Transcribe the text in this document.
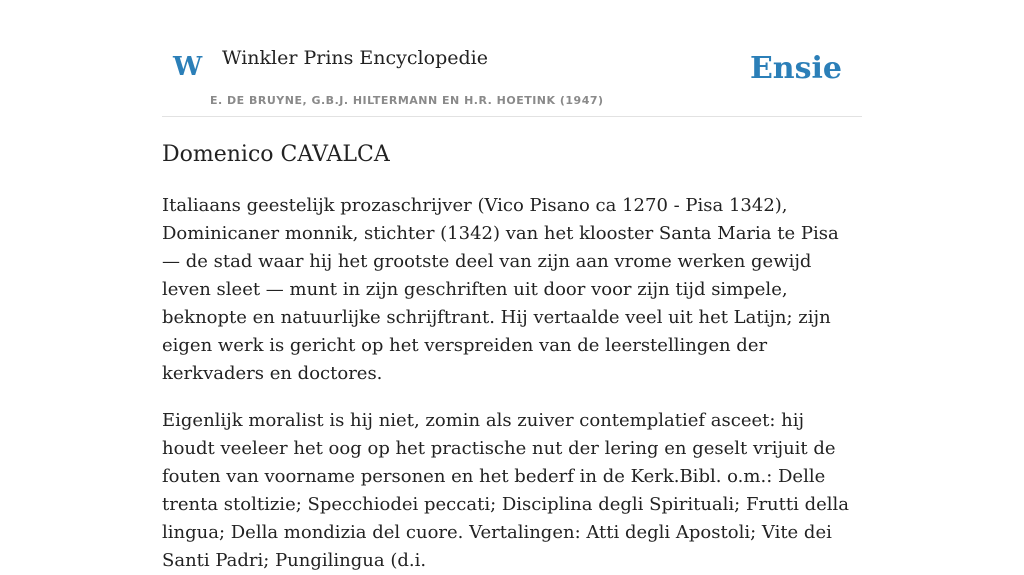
W Winkler Prins Encyclopedie
E. DE BRUYNE, G.B.J. HILTERMANN EN H.R. HOETINK (1947)
Ensie
Domenico CAVALCA

Italiaans geestelijk prozaschrijver (Vico Pisano ca 1270 - Pisa 1342), Dominicaner monnik, stichter (1342) van het klooster Santa Maria te Pisa — de stad waar hij het grootste deel van zijn aan vrome werken gewijd leven sleet — munt in zijn geschriften uit door voor zijn tijd simpele, beknopte en natuurlijke schrijftrant. Hij vertaalde veel uit het Latijn; zijn eigen werk is gericht op het verspreiden van de leerstellingen der kerkvaders en doctores.

Eigenlijk moralist is hij niet, zomin als zuiver contemplatief asceet: hij houdt veeleer het oog op het practische nut der lering en geselt vrijuit de fouten van voorname personen en het bederf in de Kerk.Bibl. o.m.: Delle trenta stoltizie; Specchiodei peccati; Disciplina degli Spirituali; Frutti della lingua; Della mondizia del cuore. Vertalingen: Atti degli Apostoli; Vite dei Santi Padri; Pungilingua (d.i.
